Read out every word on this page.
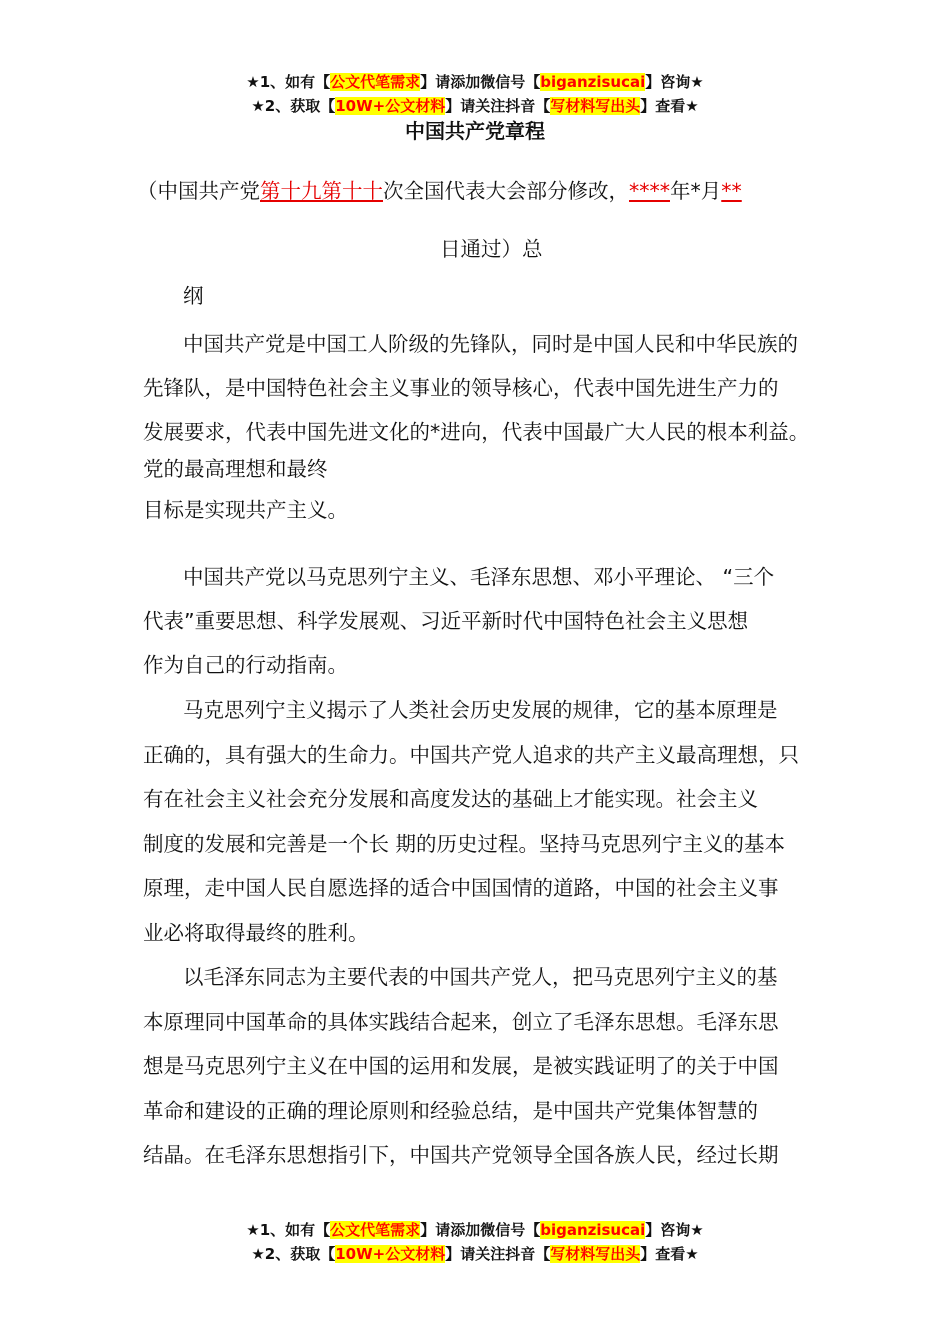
★1、如有【公文代笔需求】请添加微信号【biganzisucai】咨询★
★2、获取【10W+公文材料】请关注抖音【写材料写出头】查看★
中国共产党章程
（中国共产党第⼗九第⼗⼗次全国代表⼤会部分修改，****年*⽉**
⽇通过）总
纲
中国共产党是中国⼯⼈阶级的先锋队，同时是中国⼈⺠和中华⺠族的
先锋队，是中国特⾊社会主义事业的领导核⼼，代表中国先进⽣产⼒的
发展要求，代表中国先进⽂化的*进向，代表中国最⼴⼤⼈⺠的根本利益。
党的最⾼理想和最终
⽬标是实现共产主义。
中国共产党以⻢克思列宁主义、⽑泽东思想、邓⼩平理论、 “三个
代表”重要思想、科学发展观、习近平新时代中国特⾊社会主义思想
作为⾃⼰的⾏动指南。
⻢克思列宁主义揭示了⼈类社会历史发展的规律，它的基本原理是
正确的，具有强⼤的⽣命⼒。中国共产党⼈追求的共产主义最⾼理想，只
有在社会主义社会充分发展和⾼度发达的基础上才能实现。社会主义
制度的发展和完善是⼀个⻓ 期的历史过程。坚持⻢克思列宁主义的基本
原理，⾛中国⼈⺠⾃愿选择的适合中国国情的道路，中国的社会主义事
业必将取得最终的胜利。
以⽑泽东同志为主要代表的中国共产党⼈，把⻢克思列宁主义的基
本原理同中国⾰命的具体实践结合起来，创⽴了⽑泽东思想。⽑泽东思
想是⻢克思列宁主义在中国的运⽤和发展，是被实践证明了的关于中国
⾰命和建设的正确的理论原则和经验总结，是中国共产党集体智慧的
结晶。在⽑泽东思想指引下，中国共产党领导全国各族⼈⺠，经过⻓期
★1、如有【公文代笔需求】请添加微信号【biganzisucai】咨询★
★2、获取【10W+公文材料】请关注抖音【写材料写出头】查看★
